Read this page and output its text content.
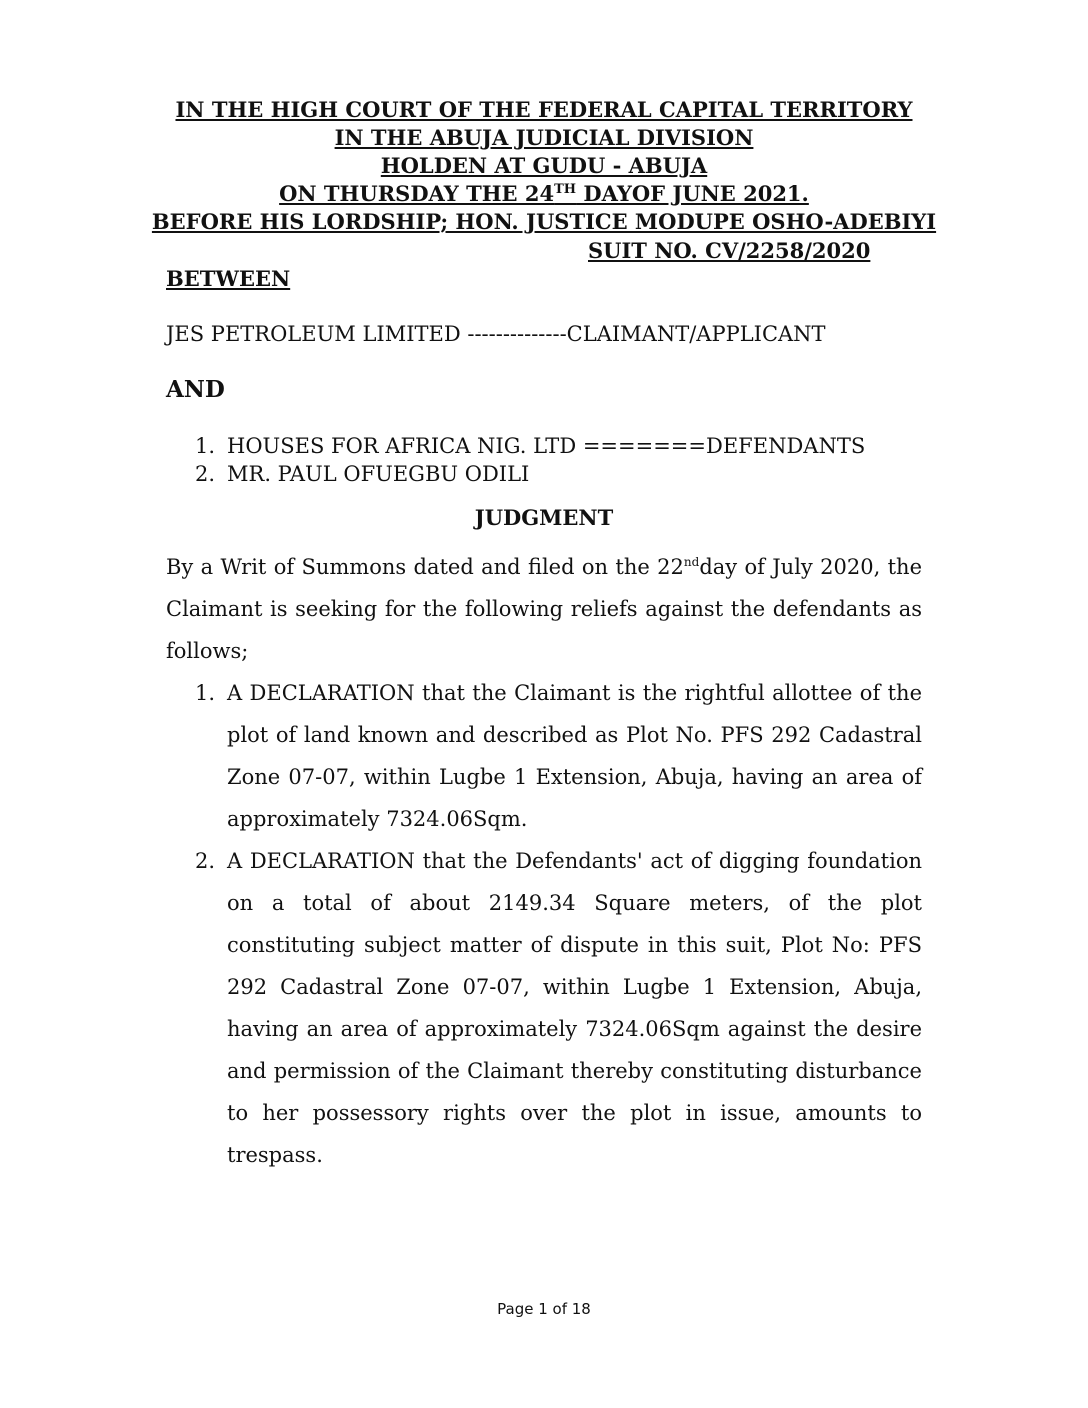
IN THE HIGH COURT OF THE FEDERAL CAPITAL TERRITORY
IN THE ABUJA JUDICIAL DIVISION
HOLDEN AT GUDU - ABUJA
ON THURSDAY THE 24TH DAYOF JUNE 2021.
BEFORE HIS LORDSHIP; HON. JUSTICE MODUPE OSHO-ADEBIYI
SUIT NO. CV/2258/2020
BETWEEN
JES PETROLEUM LIMITED --------------CLAIMANT/APPLICANT
AND
1. HOUSES FOR AFRICA NIG. LTD =======DEFENDANTS
2. MR. PAUL OFUEGBU ODILI
JUDGMENT

By a Writ of Summons dated and filed on the 22ndday of July 2020, the Claimant is seeking for the following reliefs against the defendants as follows;

1. A DECLARATION that the Claimant is the rightful allottee of the plot of land known and described as Plot No. PFS 292 Cadastral Zone 07-07, within Lugbe 1 Extension, Abuja, having an area of approximately 7324.06Sqm.
2. A DECLARATION that the Defendants' act of digging foundation on a total of about 2149.34 Square meters, of the plot constituting subject matter of dispute in this suit, Plot No: PFS 292 Cadastral Zone 07-07, within Lugbe 1 Extension, Abuja, having an area of approximately 7324.06Sqm against the desire and permission of the Claimant thereby constituting disturbance to her possessory rights over the plot in issue, amounts to trespass.
Page 1 of 18
